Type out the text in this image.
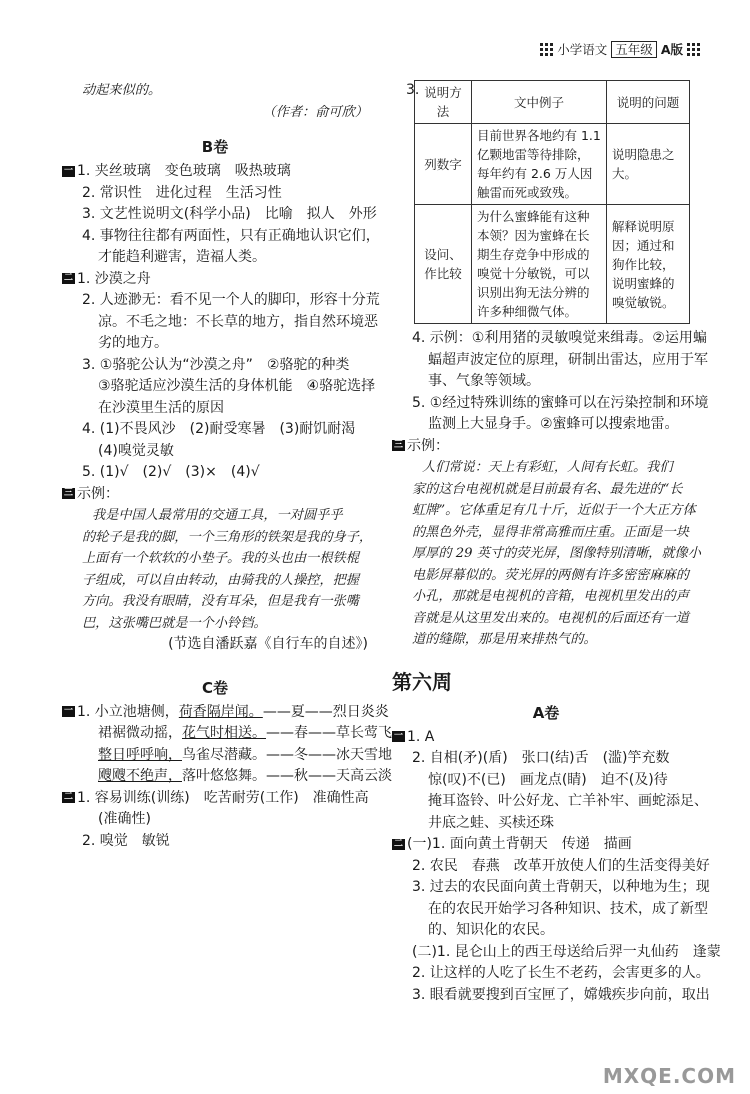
小学语文 五年级 A版
动起来似的。
（作者：俞可欣）
B卷
一 1. 夹丝玻璃　变色玻璃　吸热玻璃
2. 常识性　进化过程　生活习性
3. 文艺性说明文(科学小品)　比喻　拟人　外形
4. 事物往往都有两面性，只有正确地认识它们，
才能趋利避害，造福人类。
二 1. 沙漠之舟
2. 人迹渺无：看不见一个人的脚印，形容十分荒
凉。不毛之地：不长草的地方，指自然环境恶
劣的地方。
3. ①骆驼公认为“沙漠之舟”　②骆驼的种类
③骆驼适应沙漠生活的身体机能　④骆驼选择
在沙漠里生活的原因
4. (1)不畏风沙　(2)耐受寒暑　(3)耐饥耐渴
(4)嗅觉灵敏
5. (1)√　(2)√　(3)×　(4)√
三 示例：
我是中国人最常用的交通工具，一对圆乎乎
的轮子是我的脚，一个三角形的铁架是我的身子，
上面有一个软软的小垫子。我的头也由一根铁棍
子组成，可以自由转动，由骑我的人操控，把握
方向。我没有眼睛，没有耳朵，但是我有一张嘴
巴，这张嘴巴就是一个小铃铛。
(节选自潘跃嘉《自行车的自述》)
C卷
一 1. 小立池塘侧，荷香隔岸闻。——夏——烈日炎炎
裙裾微动摇，花气时相送。——春——草长莺飞
整日呼呼响，鸟雀尽潜藏。——冬——冰天雪地
飕飕不绝声，落叶悠悠舞。——秋——天高云淡
二 1. 容易训练(训练)　吃苦耐劳(工作)　准确性高
(准确性)
2. 嗅觉　敏锐
3. 说明方法	文中例子	说明的问题
列数字	目前世界各地约有 1.1 亿颗地雷等待排除，每年约有 2.6 万人因触雷而死或致残。	说明隐患之大。
设问、作比较	为什么蜜蜂能有这种本领？因为蜜蜂在长期生存竞争中形成的嗅觉十分敏锐，可以识别出狗无法分辨的许多种细微气体。	解释说明原因；通过和狗作比较，说明蜜蜂的嗅觉敏锐。
4. 示例：①利用猪的灵敏嗅觉来缉毒。②运用蝙
蝠超声波定位的原理，研制出雷达，应用于军
事、气象等领域。
5. ①经过特殊训练的蜜蜂可以在污染控制和环境
监测上大显身手。②蜜蜂可以搜索地雷。
三 示例：
人们常说：天上有彩虹，人间有长虹。我们
家的这台电视机就是目前最有名、最先进的“长
虹牌”。它体重足有几十斤，近似于一个大正方体
的黑色外壳，显得非常高雅而庄重。正面是一块
厚厚的 29 英寸的荧光屏，图像特别清晰，就像小
电影屏幕似的。荧光屏的两侧有许多密密麻麻的
小孔，那就是电视机的音箱，电视机里发出的声
音就是从这里发出来的。电视机的后面还有一道
道的缝隙，那是用来排热气的。
第六周
A卷
一 1. A
2. 自相(矛)(盾)　张口(结)舌　(滥)竽充数
惊(叹)不(已)　画龙点(睛)　迫不(及)待
掩耳盗铃、叶公好龙、亡羊补牢、画蛇添足、
井底之蛙、买椟还珠
二 (一)1. 面向黄土背朝天　传递　描画
2. 农民　春燕　改革开放使人们的生活变得美好
3. 过去的农民面向黄土背朝天，以种地为生；现
在的农民开始学习各种知识、技术，成了新型
的、知识化的农民。
(二)1. 昆仑山上的西王母送给后羿一丸仙药　逢蒙
2. 让这样的人吃了长生不老药，会害更多的人。
3. 眼看就要搜到百宝匣了，嫦娥疾步向前，取出
MXQE.COM
